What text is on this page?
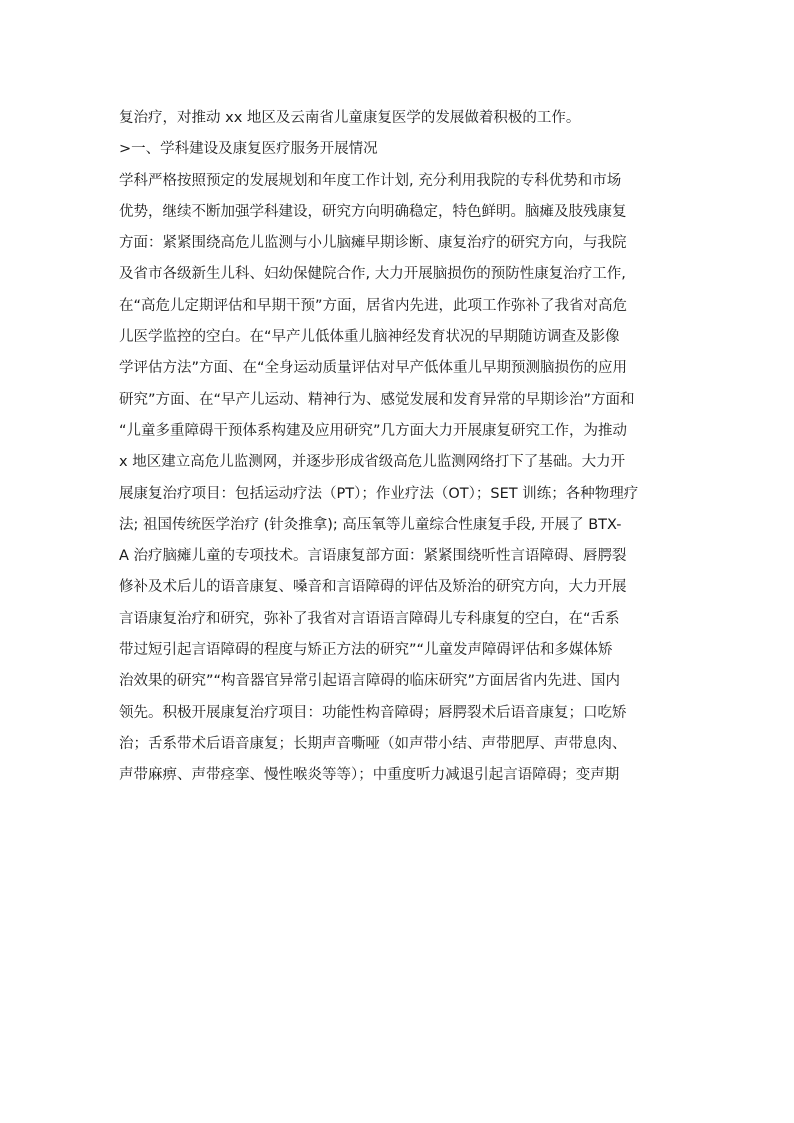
复治疗，对推动 xx 地区及云南省儿童康复医学的发展做着积极的工作。
>一、学科建设及康复医疗服务开展情况
学科严格按照预定的发展规划和年度工作计划, 充分利用我院的专科优势和市场
优势，继续不断加强学科建设，研究方向明确稳定，特色鲜明。脑瘫及肢残康复
方面：紧紧围绕高危儿监测与小儿脑瘫早期诊断、康复治疗的研究方向，与我院
及省市各级新生儿科、妇幼保健院合作, 大力开展脑损伤的预防性康复治疗工作,
在“高危儿定期评估和早期干预”方面，居省内先进，此项工作弥补了我省对高危
儿医学监控的空白。在“早产儿低体重儿脑神经发育状况的早期随访调查及影像
学评估方法”方面、在“全身运动质量评估对早产低体重儿早期预测脑损伤的应用
研究”方面、在“早产儿运动、精神行为、感觉发展和发育异常的早期诊治”方面和
“儿童多重障碍干预体系构建及应用研究”几方面大力开展康复研究工作，为推动
x 地区建立高危儿监测网，并逐步形成省级高危儿监测网络打下了基础。大力开
展康复治疗项目：包括运动疗法（PT）；作业疗法（OT）；SET 训练；各种物理疗
法; 祖国传统医学治疗 (针灸推拿); 高压氧等儿童综合性康复手段, 开展了 BTX-
A 治疗脑瘫儿童的专项技术。言语康复部方面：紧紧围绕听性言语障碍、唇腭裂
修补及术后儿的语音康复、嗓音和言语障碍的评估及矫治的研究方向，大力开展
言语康复治疗和研究，弥补了我省对言语语言障碍儿专科康复的空白，在“舌系
带过短引起言语障碍的程度与矫正方法的研究”“儿童发声障碍评估和多媒体矫
治效果的研究”“构音器官异常引起语言障碍的临床研究”方面居省内先进、国内
领先。积极开展康复治疗项目：功能性构音障碍；唇腭裂术后语音康复；口吃矫
治；舌系带术后语音康复；长期声音嘶哑（如声带小结、声带肥厚、声带息肉、
声带麻痹、声带痉挛、慢性喉炎等等）；中重度听力减退引起言语障碍；变声期
